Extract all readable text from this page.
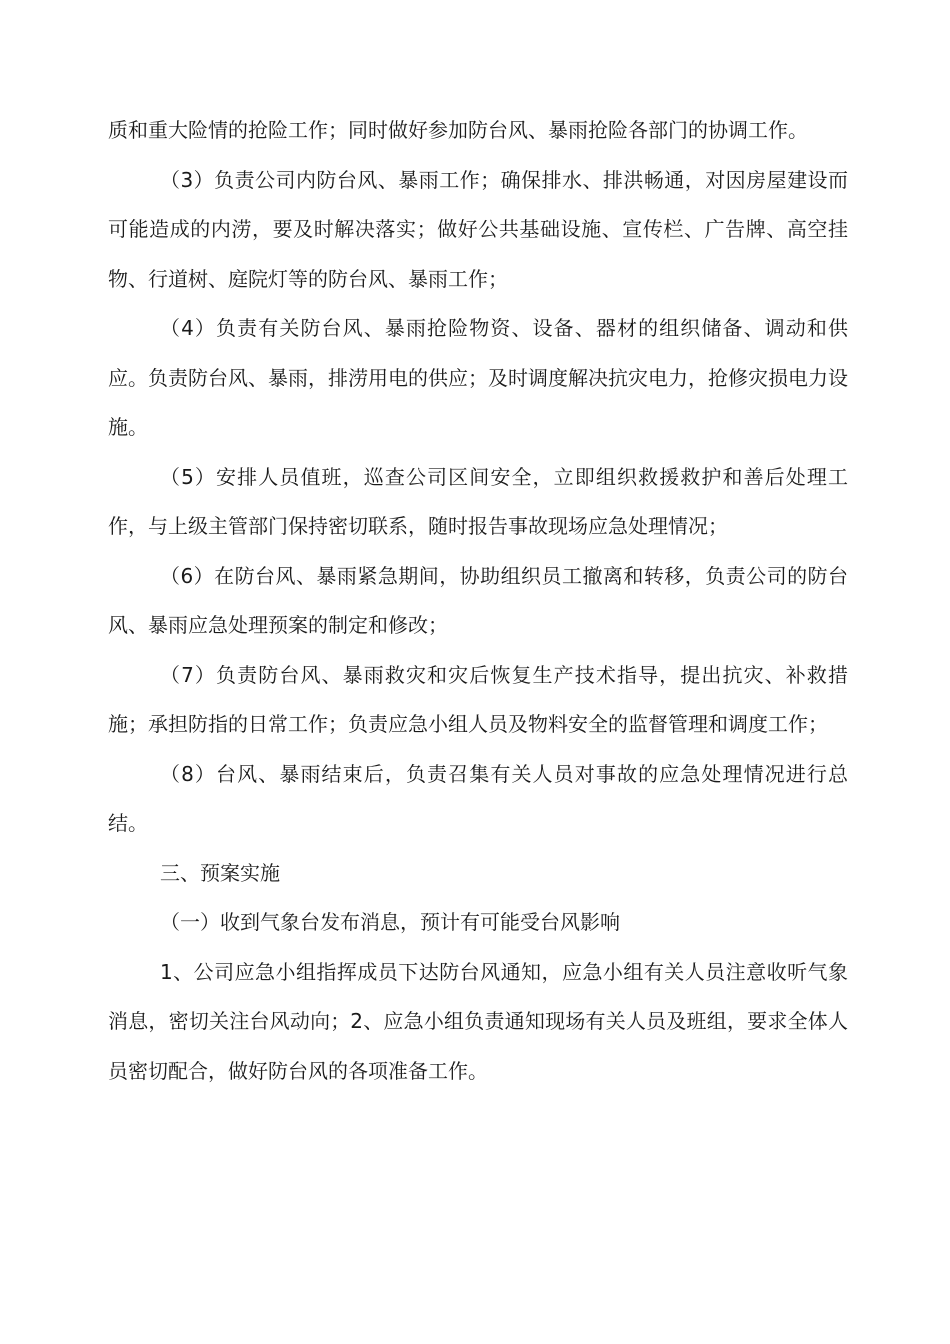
质和重大险情的抢险工作；同时做好参加防台风、暴雨抢险各部门的协调工作。

（3）负责公司内防台风、暴雨工作；确保排水、排洪畅通，对因房屋建设而可能造成的内涝，要及时解决落实；做好公共基础设施、宣传栏、广告牌、高空挂物、行道树、庭院灯等的防台风、暴雨工作；

（4）负责有关防台风、暴雨抢险物资、设备、器材的组织储备、调动和供应。负责防台风、暴雨，排涝用电的供应；及时调度解决抗灾电力，抢修灾损电力设施。

（5）安排人员值班，巡查公司区间安全，立即组织救援救护和善后处理工作，与上级主管部门保持密切联系，随时报告事故现场应急处理情况；

（6）在防台风、暴雨紧急期间，协助组织员工撤离和转移，负责公司的防台风、暴雨应急处理预案的制定和修改；

（7）负责防台风、暴雨救灾和灾后恢复生产技术指导，提出抗灾、补救措施；承担防指的日常工作；负责应急小组人员及物料安全的监督管理和调度工作；

（8）台风、暴雨结束后，负责召集有关人员对事故的应急处理情况进行总结。

三、预案实施

（一）收到气象台发布消息，预计有可能受台风影响

1、公司应急小组指挥成员下达防台风通知，应急小组有关人员注意收听气象消息，密切关注台风动向；2、应急小组负责通知现场有关人员及班组，要求全体人员密切配合，做好防台风的各项准备工作。
